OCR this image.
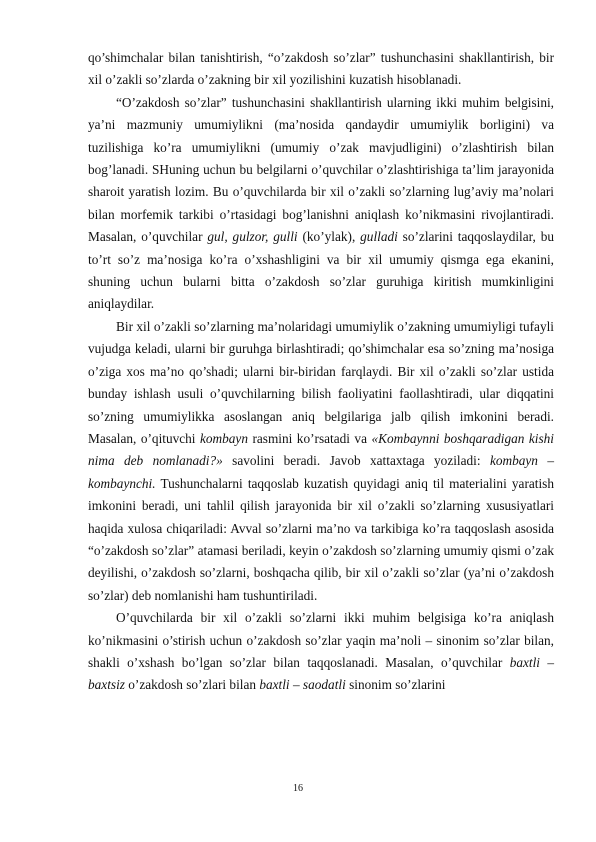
qo’shimchalar bilan tanishtirish, “o’zakdosh so’zlar” tushunchasini shakllantirish, bir xil o’zakli so’zlarda o’zakning bir xil yozilishini kuzatish hisoblanadi.

“O’zakdosh so’zlar” tushunchasini shakllantirish ularning ikki muhim belgisini, ya’ni mazmuniy umumiylikni (ma’nosida qandaydir umumiylik borligini) va tuzilishiga ko’ra umumiylikni (umumiy o’zak mavjudligini) o’zlashtirish bilan bog’lanadi. SHuning uchun bu belgilarni o’quvchilar o’zlashtirishiga ta’lim jarayonida sharoit yaratish lozim. Bu o’quvchilarda bir xil o’zakli so’zlarning lug’aviy ma’nolari bilan morfemik tarkibi o’rtasidagi bog’lanishni aniqlash ko’nikmasini rivojlantiradi. Masalan, o’quvchilar gul, gulzor, gulli (ko’ylak), gulladi so’zlarini taqqoslaydilar, bu to’rt so’z ma’nosiga ko’ra o’xshashligini va bir xil umumiy qismga ega ekanini, shuning uchun bularni bitta o’zakdosh so’zlar guruhiga kiritish mumkinligini aniqlaydilar.

Bir xil o’zakli so’zlarning ma’nolaridagi umumiylik o’zakning umumiyligi tufayli vujudga keladi, ularni bir guruhga birlashtiradi; qo’shimchalar esa so’zning ma’nosiga o’ziga xos ma’no qo’shadi; ularni bir-biridan farqlaydi. Bir xil o’zakli so’zlar ustida bunday ishlash usuli o’quvchilarning bilish faoliyatini faollashtiradi, ular diqqatini so’zning umumiylikka asoslangan aniq belgilariga jalb qilish imkonini beradi. Masalan, o’qituvchi kombayn rasmini ko’rsatadi va «Kombaynni boshqaradigan kishi nima deb nomlanadi?» savolini beradi. Javob xattaxtaga yoziladi: kombayn – kombaynchi. Tushunchalarni taqqoslab kuzatish quyidagi aniq til materialini yaratish imkonini beradi, uni tahlil qilish jarayonida bir xil o’zakli so’zlarning xususiyatlari haqida xulosa chiqariladi: Avval so’zlarni ma’no va tarkibiga ko’ra taqqoslash asosida “o’zakdosh so’zlar” atamasi beriladi, keyin o’zakdosh so’zlarning umumiy qismi o’zak deyilishi, o’zakdosh so’zlarni, boshqacha qilib, bir xil o’zakli so’zlar (ya’ni o’zakdosh so’zlar) deb nomlanishi ham tushuntiriladi.

O’quvchilarda bir xil o’zakli so’zlarni ikki muhim belgisiga ko’ra aniqlash ko’nikmasini o’stirish uchun o’zakdosh so’zlar yaqin ma’noli – sinonim so’zlar bilan, shakli o’xshash bo’lgan so’zlar bilan taqqoslanadi. Masalan, o’quvchilar baxtli – baxtsiz o’zakdosh so’zlari bilan baxtli – saodatli sinonim so’zlarini

16
